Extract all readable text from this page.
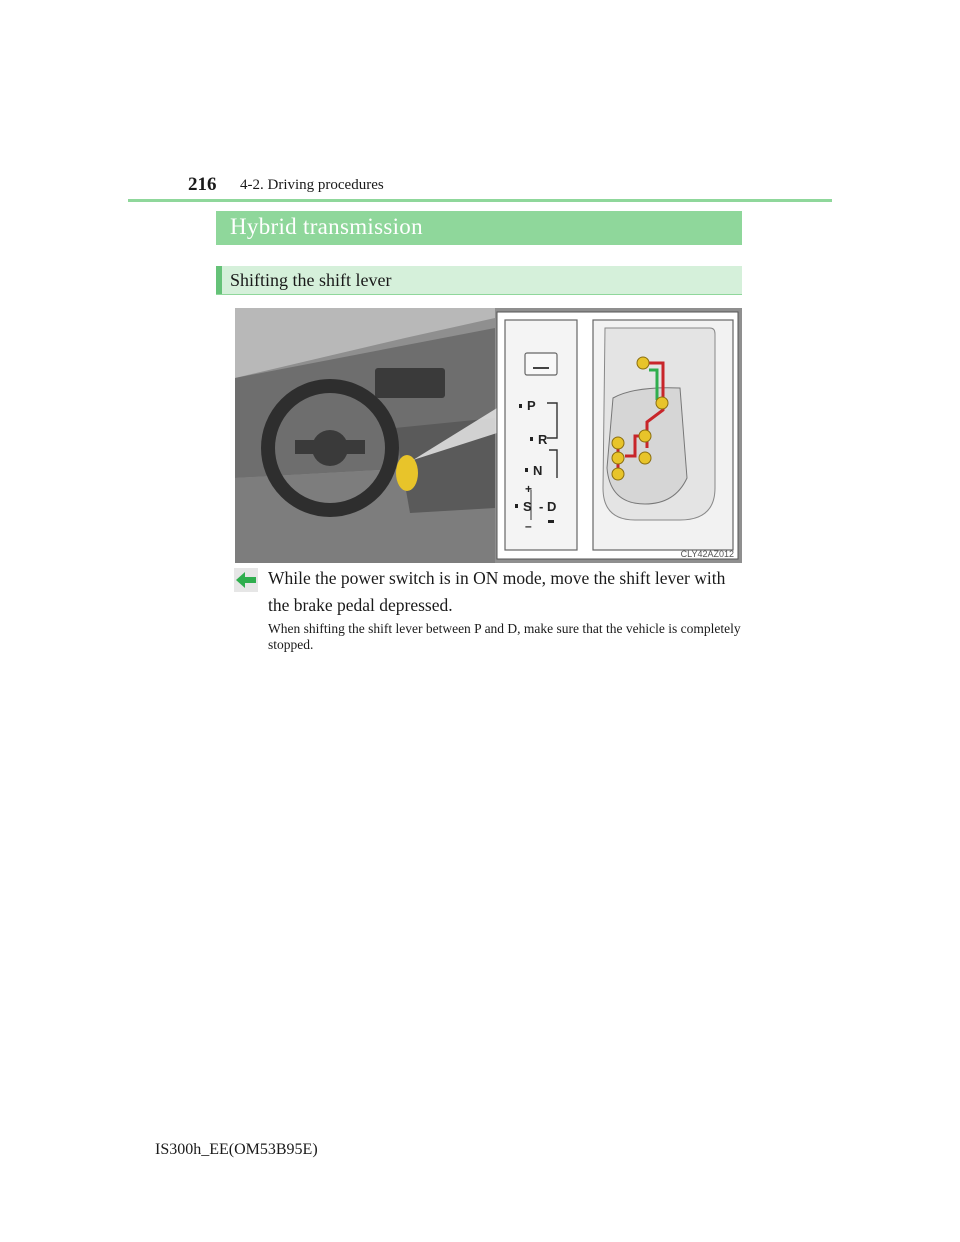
216 4-2. Driving procedures
Hybrid transmission
Shifting the shift lever
P
R
N
+
S - D
–
CLY42AZ012
While the power switch is in ON mode, move the shift lever with the brake pedal depressed.
When shifting the shift lever between P and D, make sure that the vehicle is completely stopped.
IS300h_EE(OM53B95E)
